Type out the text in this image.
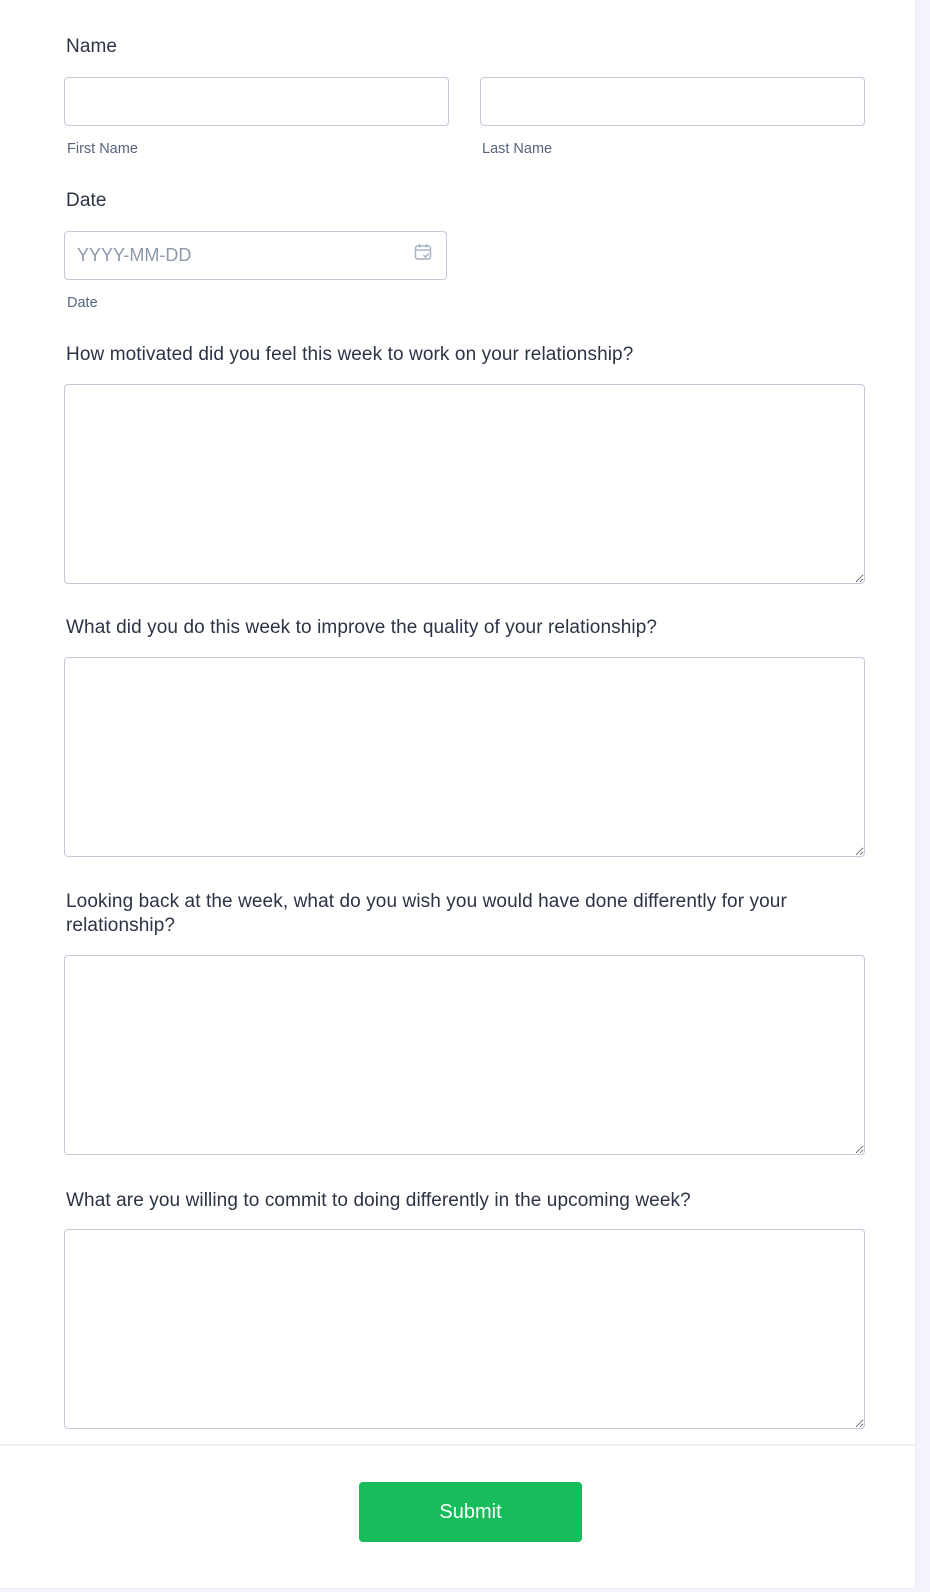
Name
First Name	Last Name
Date
YYYY-MM-DD
Date
How motivated did you feel this week to work on your relationship?
What did you do this week to improve the quality of your relationship?
Looking back at the week, what do you wish you would have done differently for your relationship?
What are you willing to commit to doing differently in the upcoming week?
Submit
